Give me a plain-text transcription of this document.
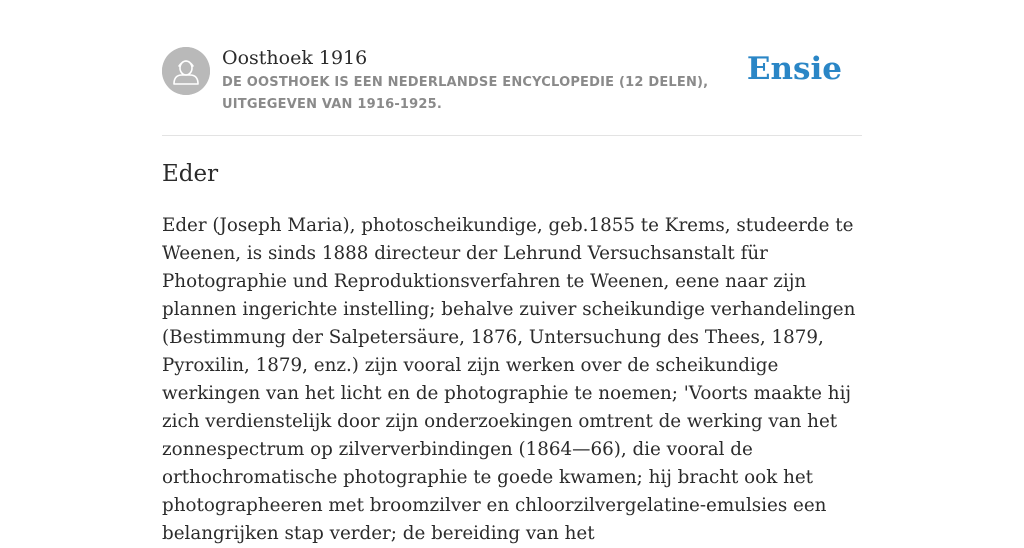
Oosthoek 1916
DE OOSTHOEK IS EEN NEDERLANDSE ENCYCLOPEDIE (12 DELEN), UITGEGEVEN VAN 1916-1925.
Ensie
Eder

Eder (Joseph Maria), photoscheikundige, geb.1855 te Krems, studeerde te Weenen, is sinds 1888 directeur der Lehrund Versuchsanstalt für Photographie und Reproduktionsverfahren te Weenen, eene naar zijn plannen ingerichte instelling; behalve zuiver scheikundige verhandelingen (Bestimmung der Salpetersäure, 1876, Untersuchung des Thees, 1879, Pyroxilin, 1879, enz.) zijn vooral zijn werken over de scheikundige werkingen van het licht en de photographie te noemen; 'Voorts maakte hij zich verdienstelijk door zijn onderzoekingen omtrent de werking van het zonnespectrum op zilververbindingen (1864—66), die vooral de orthochromatische photographie te goede kwamen; hij bracht ook het photographeeren met broomzilver en chloorzilvergelatine-emulsies een belangrijken stap verder; de bereiding van het
